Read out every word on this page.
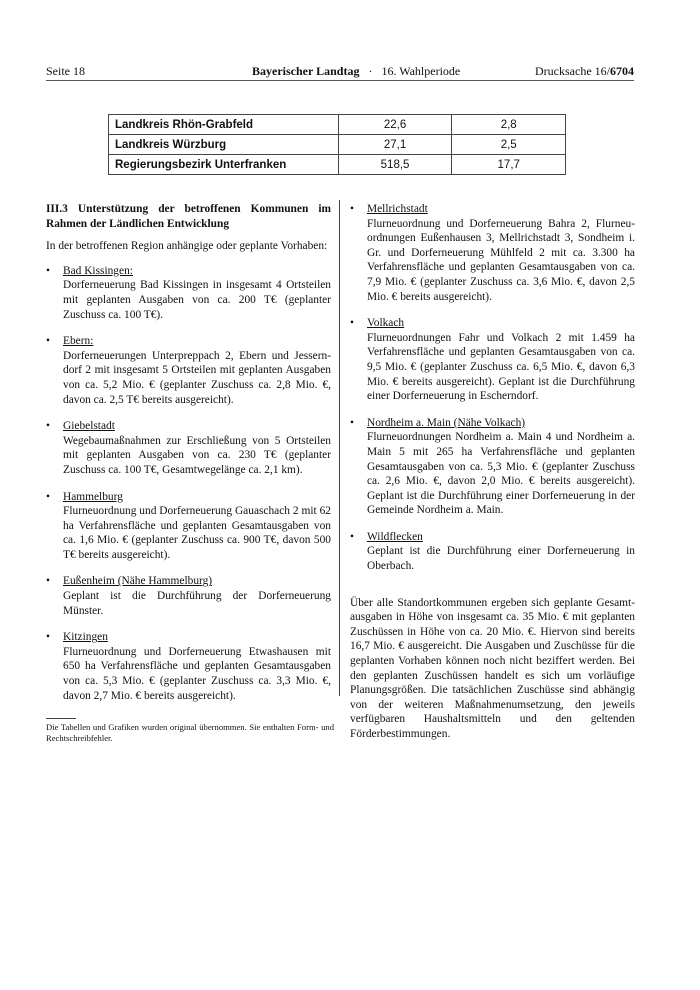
Seite 18	Bayerischer Landtag · 16. Wahlperiode	Drucksache 16/6704
Landkreis Rhön-Grabfeld	22,6	2,8
Landkreis Würzburg	27,1	2,5
Regierungsbezirk Unterfranken	518,5	17,7

III.3 Unterstützung der betroffenen Kommunen im Rahmen der Ländlichen Entwicklung

In der betroffenen Region anhängige oder geplante Vorhaben:

• Bad Kissingen:
Dorferneuerung Bad Kissingen in insgesamt 4 Ortsteilen mit geplanten Ausgaben von ca. 200 T€ (geplanter Zuschuss ca. 100 T€).
• Ebern:
Dorferneuerungen Unterpreppach 2, Ebern und Jesserndorf 2 mit insgesamt 5 Ortsteilen mit geplanten Ausgaben von ca. 5,2 Mio. € (geplanter Zuschuss ca. 2,8 Mio. €, davon ca. 2,5 T€ bereits ausgereicht).
• Giebelstadt
Wegebaumaßnahmen zur Erschließung von 5 Ortsteilen mit geplanten Ausgaben von ca. 230 T€ (geplanter Zuschuss ca. 100 T€, Gesamtwegelänge ca. 2,1 km).
• Hammelburg
Flurneuordnung und Dorferneuerung Gauaschach 2 mit 62 ha Verfahrensfläche und geplanten Gesamtausgaben von ca. 1,6 Mio. € (geplanter Zuschuss ca. 900 T€, davon 500 T€ bereits ausgereicht).
• Eußenheim (Nähe Hammelburg)
Geplant ist die Durchführung der Dorferneuerung Münster.
• Kitzingen
Flurneuordnung und Dorferneuerung Etwashausen mit 650 ha Verfahrensfläche und geplanten Gesamtausgaben von ca. 5,3 Mio. € (geplanter Zuschuss ca. 3,3 Mio. €, davon 2,7 Mio. € bereits ausgereicht).
• Mellrichstadt
Flurneuordnung und Dorferneuerung Bahra 2, Flurneuordnungen Eußenhausen 3, Mellrichstadt 3, Sondheim i. Gr. und Dorferneuerung Mühlfeld 2 mit ca. 3.300 ha Verfahrensfläche und geplanten Gesamtausgaben von ca. 7,9 Mio. € (geplanter Zuschuss ca. 3,6 Mio. €, davon 2,5 Mio. € bereits ausgereicht).
• Volkach
Flurneuordnungen Fahr und Volkach 2 mit 1.459 ha Verfahrensfläche und geplanten Gesamtausgaben von ca. 9,5 Mio. € (geplanter Zuschuss ca. 6,5 Mio. €, davon 6,3 Mio. € bereits ausgereicht). Geplant ist die Durchführung einer Dorferneuerung in Escherndorf.
• Nordheim a. Main (Nähe Volkach)
Flurneuordnungen Nordheim a. Main 4 und Nordheim a. Main 5 mit 265 ha Verfahrensfläche und geplanten Gesamtausgaben von ca. 5,3 Mio. € (geplanter Zuschuss ca. 2,6 Mio. €, davon 2,0 Mio. € bereits ausgereicht). Geplant ist die Durchführung einer Dorferneuerung in der Gemeinde Nordheim a. Main.
• Wildflecken
Geplant ist die Durchführung einer Dorferneuerung in Oberbach.

Über alle Standortkommunen ergeben sich geplante Gesamtausgaben in Höhe von insgesamt ca. 35 Mio. € mit geplanten Zuschüssen in Höhe von ca. 20 Mio. €. Hiervon sind bereits 16,7 Mio. € ausgereicht. Die Ausgaben und Zuschüsse für die geplanten Vorhaben können noch nicht beziffert werden. Bei den geplanten Zuschüssen handelt es sich um vorläufige Planungsgrößen. Die tatsächlichen Zuschüsse sind abhängig von der weiteren Maßnahmenumsetzung, den jeweils verfügbaren Haushaltsmitteln und den geltenden Förderbestimmungen.

Die Tabellen und Grafiken wurden original übernommen. Sie enthalten Form- und Rechtschreibfehler.
